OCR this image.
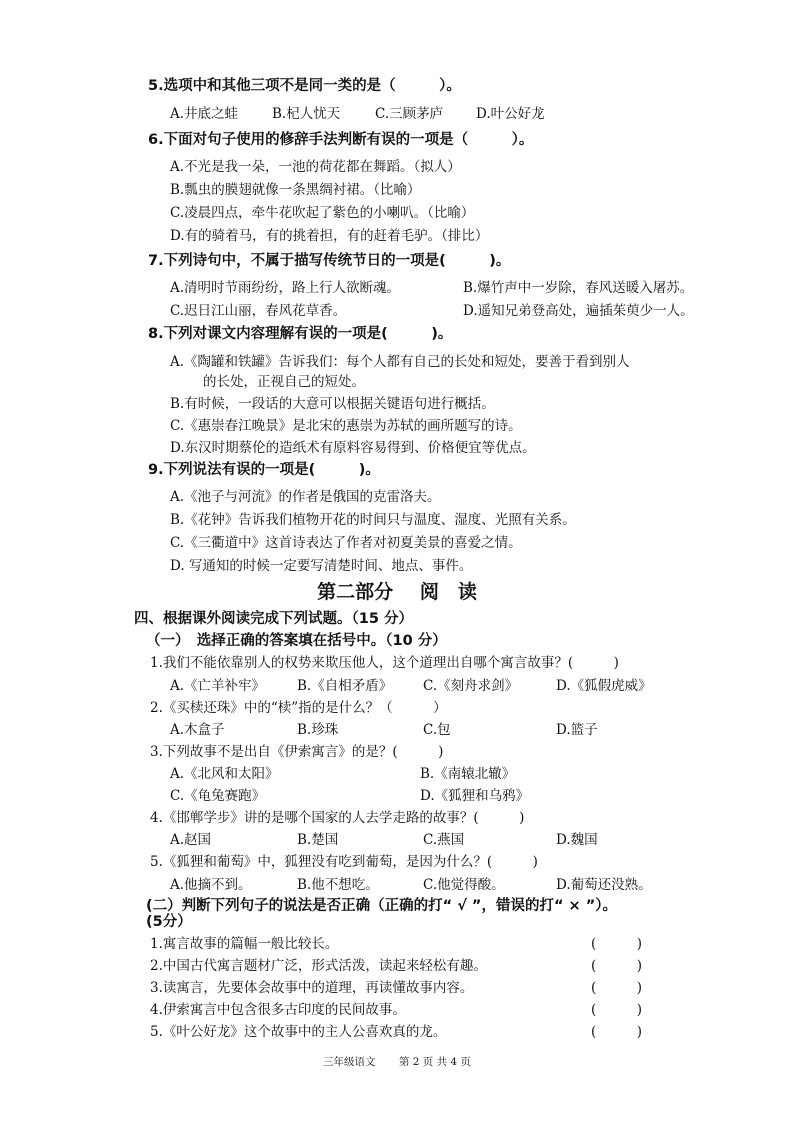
5.选项中和其他三项不是同一类的是（　　　）。
A.井底之蛙	B.杞人忧天	C.三顾茅庐 D.叶公好龙
6.下面对句子使用的修辞手法判断有误的一项是（　　　）。
A.不光是我一朵，一池的荷花都在舞蹈。（拟人）
B.瓢虫的膜翅就像一条黑绸衬裙。（比喻）
C.凌晨四点，牵牛花吹起了紫色的小喇叭。（比喻）
D.有的骑着马，有的挑着担，有的赶着毛驴。（排比）
7.下列诗句中，不属于描写传统节日的一项是(　　　)。
A.清明时节雨纷纷，路上行人欲断魂。	B.爆竹声中一岁除，春风送暖入屠苏。
C.迟日江山丽，春风花草香。	D.遥知兄弟登高处，遍插茱萸少一人。
8.下列对课文内容理解有误的一项是(　　　)。
A.《陶罐和铁罐》告诉我们：每个人都有自己的长处和短处，要善于看到别人
的长处，正视自己的短处。
B.有时候，一段话的大意可以根据关键语句进行概括。
C.《惠崇春江晚景》是北宋的惠崇为苏轼的画所题写的诗。
D.东汉时期蔡伦的造纸术有原料容易得到、价格便宜等优点。
9.下列说法有误的一项是(　　　)。
A.《池子与河流》的作者是俄国的克雷洛夫。
B.《花钟》告诉我们植物开花的时间只与温度、湿度、光照有关系。
C.《三衢道中》这首诗表达了作者对初夏美景的喜爱之情。
D. 写通知的时候一定要写清楚时间、地点、事件。
第二部分 阅　读
四、根据课外阅读完成下列试题。（15 分）
（一）　选择正确的答案填在括号中。（10 分）
1.我们不能依靠别人的权势来欺压他人，这个道理出自哪个寓言故事？(　　　)
A.《亡羊补牢》 B.《自相矛盾》 C.《刻舟求剑》	D.《狐假虎威》
2.《买椟还珠》中的“椟”指的是什么？（　　　）
A.木盒子	B.珍珠	C.包	D.篮子
3.下列故事不是出自《伊索寓言》的是？(　　　)
A.《北风和太阳》	B.《南辕北辙》
C.《龟兔赛跑》	D.《狐狸和乌鸦》
4.《邯郸学步》讲的是哪个国家的人去学走路的故事？(　　　)
A.赵国	B.楚国	C.燕国	D.魏国
5.《狐狸和葡萄》中，狐狸没有吃到葡萄，是因为什么？(　　　)
A.他摘不到。	B.他不想吃。	C.他觉得酸。	D.葡萄还没熟。
(二）判断下列句子的说法是否正确（正确的打“ √ ”，错误的打“ × ”）。
(5分）
1.寓言故事的篇幅一般比较长。	(　　　)
2.中国古代寓言题材广泛，形式活泼，读起来轻松有趣。	(　　　)
3.读寓言，先要体会故事中的道理，再读懂故事内容。	(　　　)
4.伊索寓言中包含很多古印度的民间故事。	(　　　)
5.《叶公好龙》这个故事中的主人公喜欢真的龙。	(　　　)
三年级语文 第 2 页 共 4 页
